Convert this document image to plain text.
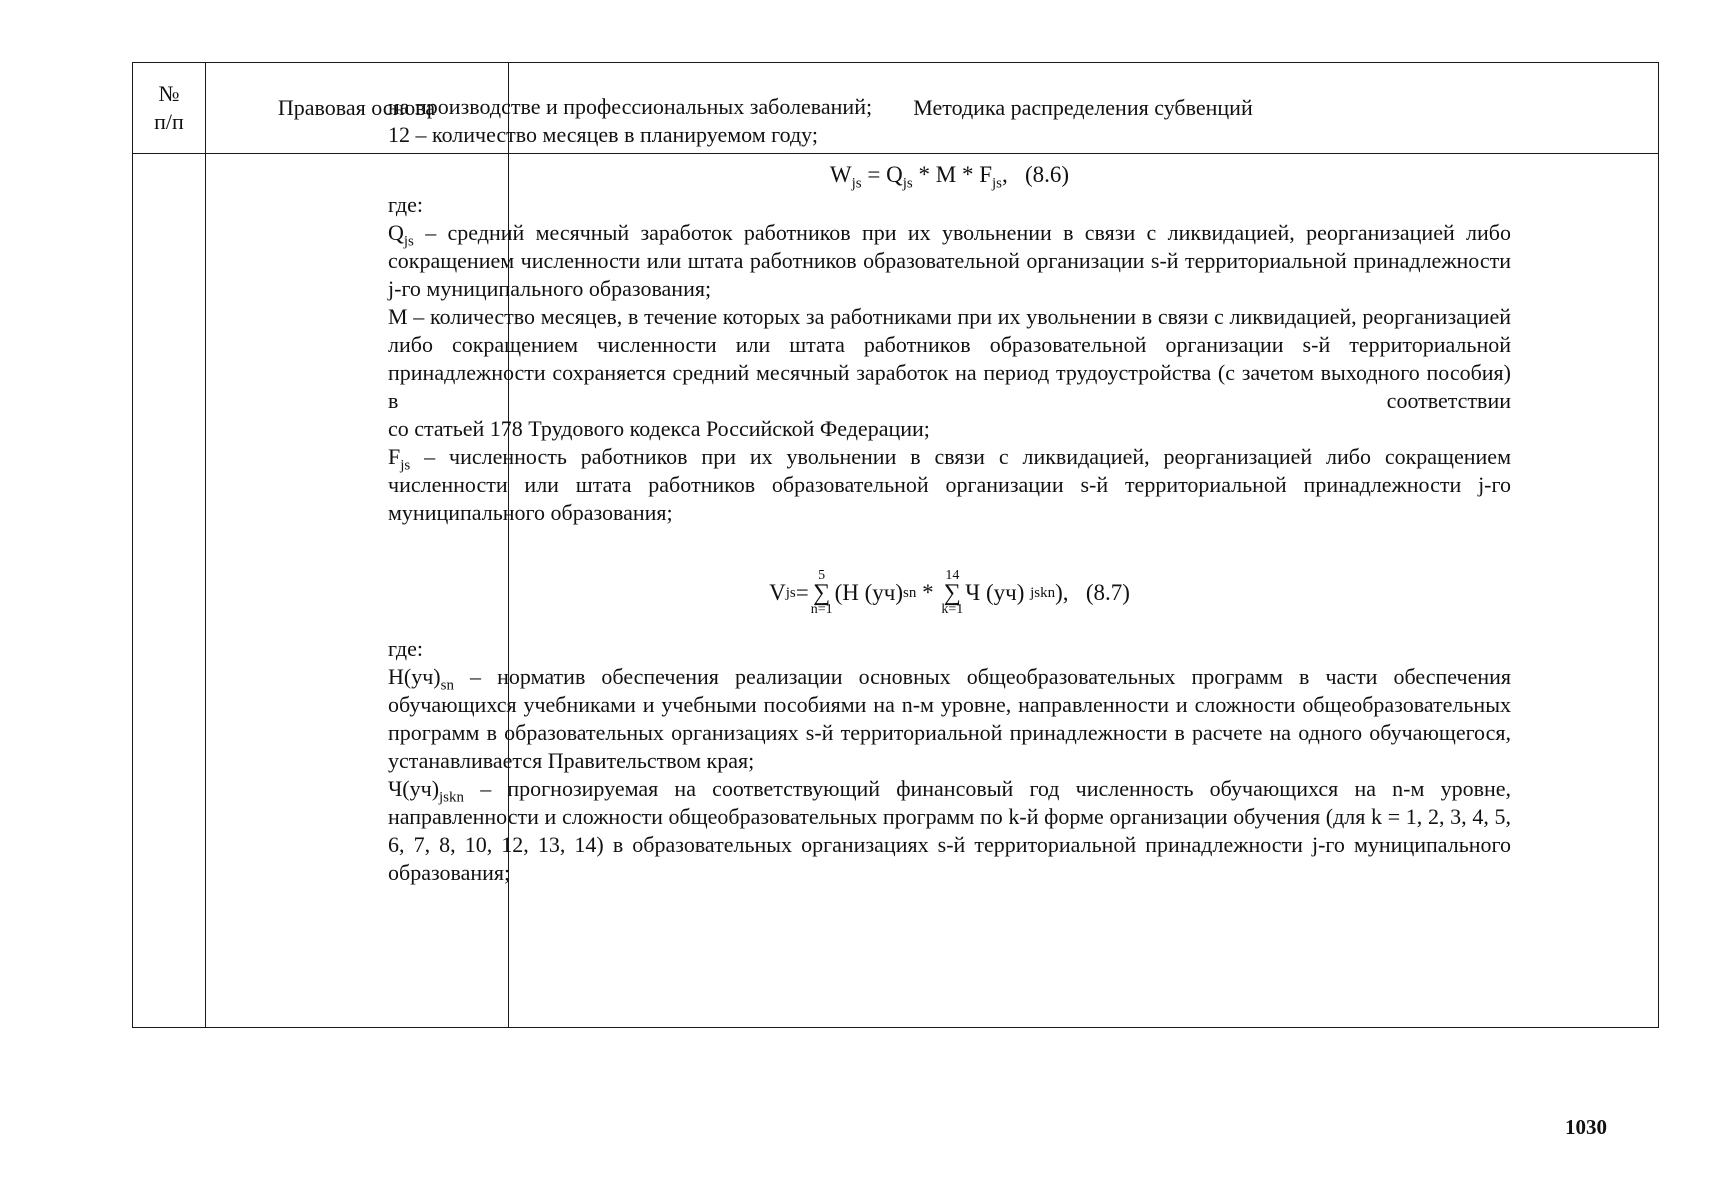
№ п/п
Правовая основа	Методика распределения субвенций

на производстве и профессиональных заболеваний;

12 – количество месяцев в планируемом году;

$W_{js} = Q_{js} * M * F_{js}$, (8.6)

где:

$Q_{js}$ – средний месячный заработок работников при их увольнении в связи с ликвидацией, реорганизацией либо сокращением численности или штата работников образовательной организации s-й территориальной принадлежности j-го муниципального образования;

M – количество месяцев, в течение которых за работниками при их увольнении в связи с ликвидацией, реорганизацией либо сокращением численности или штата работников образовательной организации s-й территориальной принадлежности сохраняется средний месячный заработок на период трудоустройства (с зачетом выходного пособия) в соответствии

со статьей 178 Трудового кодекса Российской Федерации;

$F_{js}$ – численность работников при их увольнении в связи с ликвидацией, реорганизацией либо сокращением численности или штата работников образовательной организации s-й территориальной принадлежности j-го муниципального образования;

V js =
5
∑
n=1
(H (уч) sn *
14
∑
k=1
Ч (уч) jskn ),
(8.7)

где:

$H(уч)_{sn}$ – норматив обеспечения реализации основных общеобразовательных программ в части обеспечения обучающихся учебниками и учебными пособиями на n-м уровне, направленности и сложности общеобразовательных программ в образовательных организациях s-й территориальной принадлежности в расчете на одного обучающегося, устанавливается Правительством края;

$Ч(уч)_{jskn}$ – прогнозируемая на соответствующий финансовый год численность обучающихся на n-м уровне, направленности и сложности общеобразовательных программ по k-й форме организации обучения (для k = 1, 2, 3, 4, 5, 6, 7, 8, 10, 12, 13, 14) в образовательных организациях s-й территориальной принадлежности j-го муниципального образования;

1030
